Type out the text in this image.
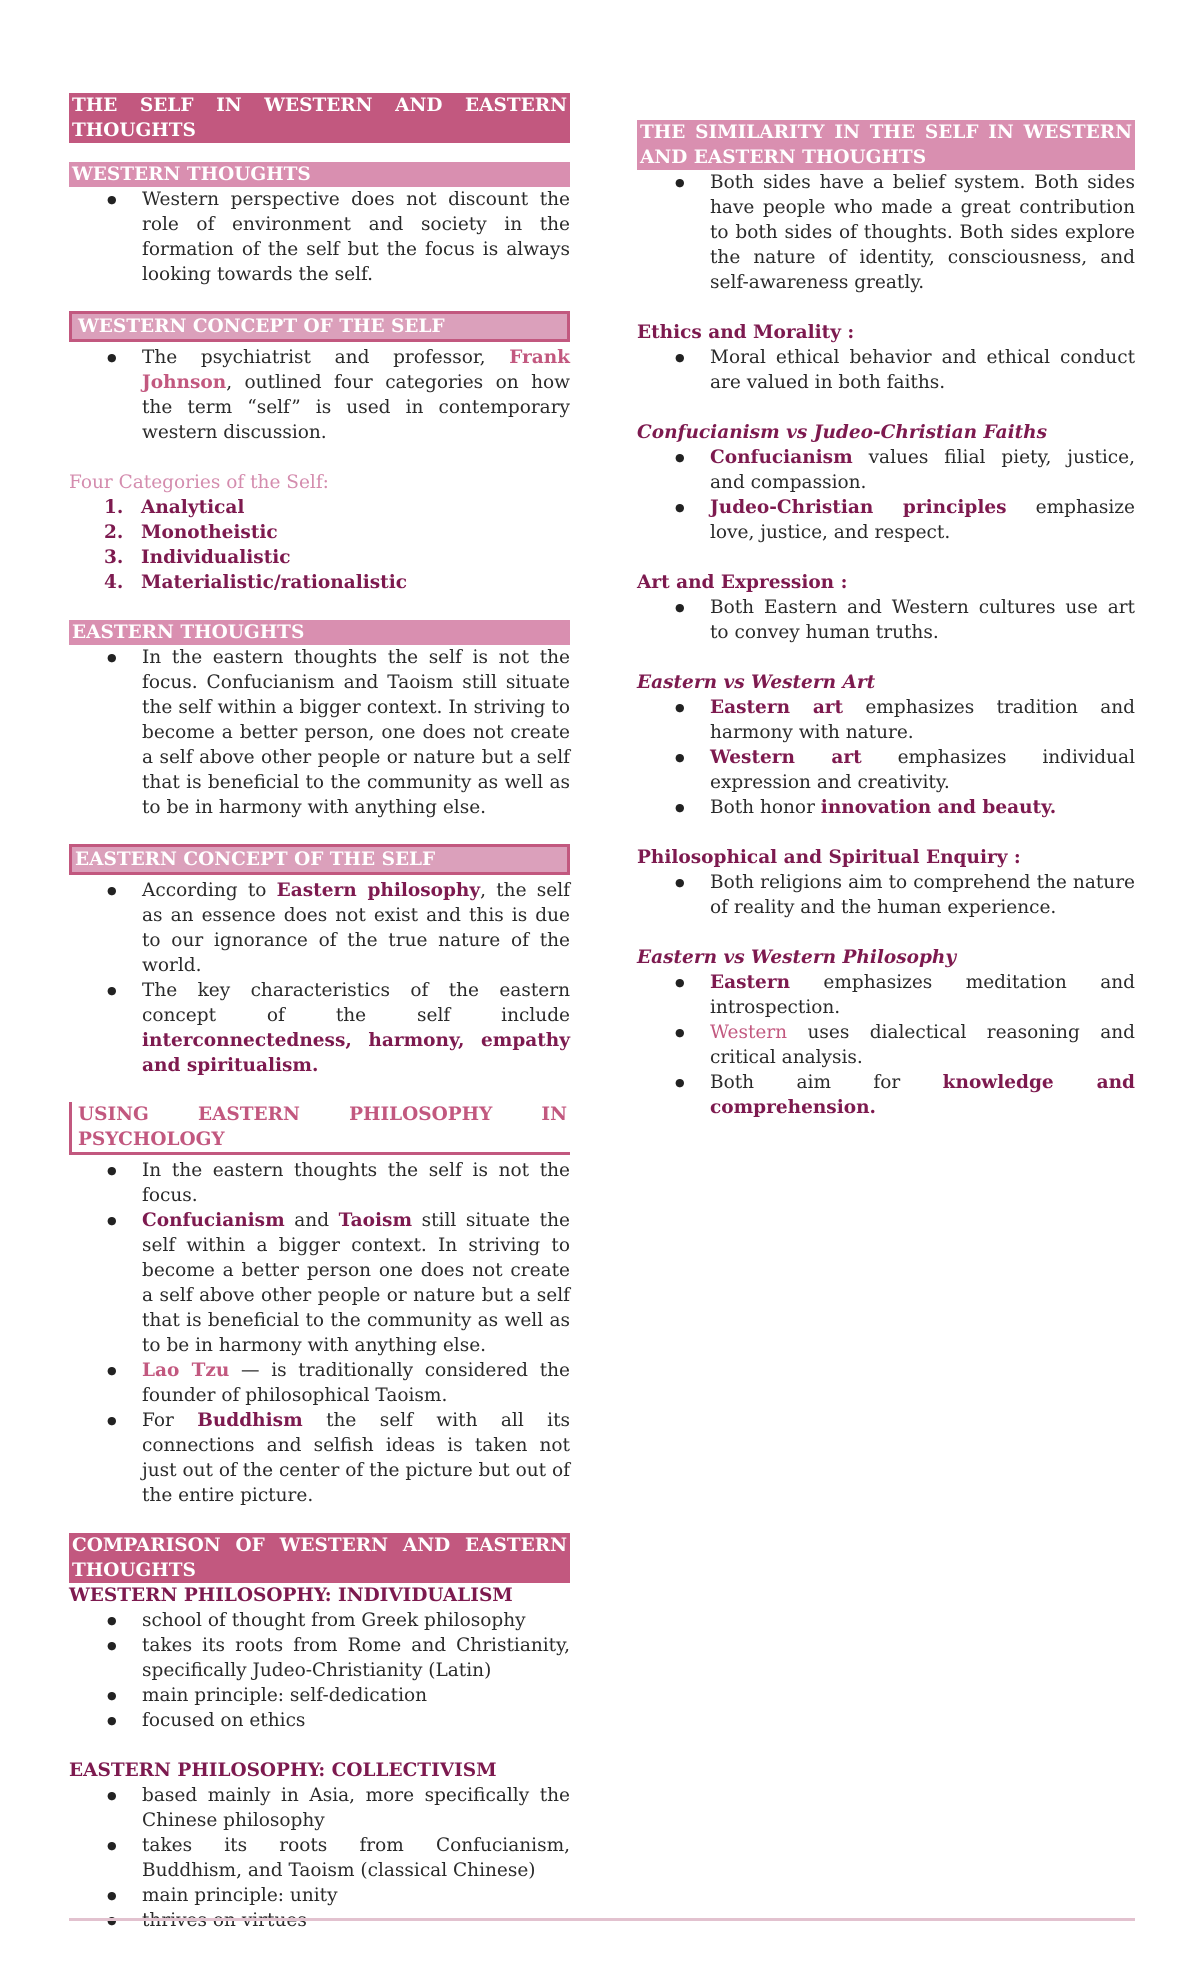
THE SELF IN WESTERN AND EASTERN THOUGHTS
WESTERN THOUGHTS
● Western perspective does not discount the role of environment and society in the formation of the self but the focus is always looking towards the self.
WESTERN CONCEPT OF THE SELF
● The psychiatrist and professor, Frank Johnson, outlined four categories on how the term “self” is used in contemporary western discussion.
Four Categories of the Self:
1. Analytical
2. Monotheistic
3. Individualistic
4. Materialistic/rationalistic
EASTERN THOUGHTS
● In the eastern thoughts the self is not the focus. Confucianism and Taoism still situate the self within a bigger context. In striving to become a better person, one does not create a self above other people or nature but a self that is beneficial to the community as well as to be in harmony with anything else.
EASTERN CONCEPT OF THE SELF
● According to Eastern philosophy, the self as an essence does not exist and this is due to our ignorance of the true nature of the world.
● The key characteristics of the eastern concept of the self include interconnectedness, harmony, empathy and spiritualism.
USING EASTERN PHILOSOPHY IN PSYCHOLOGY
● In the eastern thoughts the self is not the focus.
● Confucianism and Taoism still situate the self within a bigger context. In striving to become a better person one does not create a self above other people or nature but a self that is beneficial to the community as well as to be in harmony with anything else.
● Lao Tzu — is traditionally considered the founder of philosophical Taoism.
● For Buddhism the self with all its connections and selfish ideas is taken not just out of the center of the picture but out of the entire picture.
COMPARISON OF WESTERN AND EASTERN THOUGHTS
WESTERN PHILOSOPHY: INDIVIDUALISM
● school of thought from Greek philosophy
● takes its roots from Rome and Christianity, specifically Judeo-Christianity (Latin)
● main principle: self-dedication
● focused on ethics
EASTERN PHILOSOPHY: COLLECTIVISM
● based mainly in Asia, more specifically the Chinese philosophy
● takes its roots from Confucianism, Buddhism, and Taoism (classical Chinese)
● main principle: unity
●
THE SIMILARITY IN THE SELF IN WESTERN AND EASTERN THOUGHTS
● Both sides have a belief system. Both sides have people who made a great contribution to both sides of thoughts. Both sides explore the nature of identity, consciousness, and self-awareness greatly.
Ethics and Morality :
● Moral ethical behavior and ethical conduct are valued in both faiths.
Confucianism vs Judeo-Christian Faiths
● Confucianism values filial piety, justice, and compassion.
● Judeo-Christian principles emphasize love, justice, and respect.
Art and Expression :
● Both Eastern and Western cultures use art to convey human truths.
Eastern vs Western Art
● Eastern art emphasizes tradition and harmony with nature.
● Western art emphasizes individual expression and creativity.
● Both honor innovation and beauty.
Philosophical and Spiritual Enquiry :
● Both religions aim to comprehend the nature of reality and the human experience.
Eastern vs Western Philosophy
● Eastern emphasizes meditation and introspection.
● Western uses dialectical reasoning and critical analysis.
● Both aim for knowledge and comprehension.
